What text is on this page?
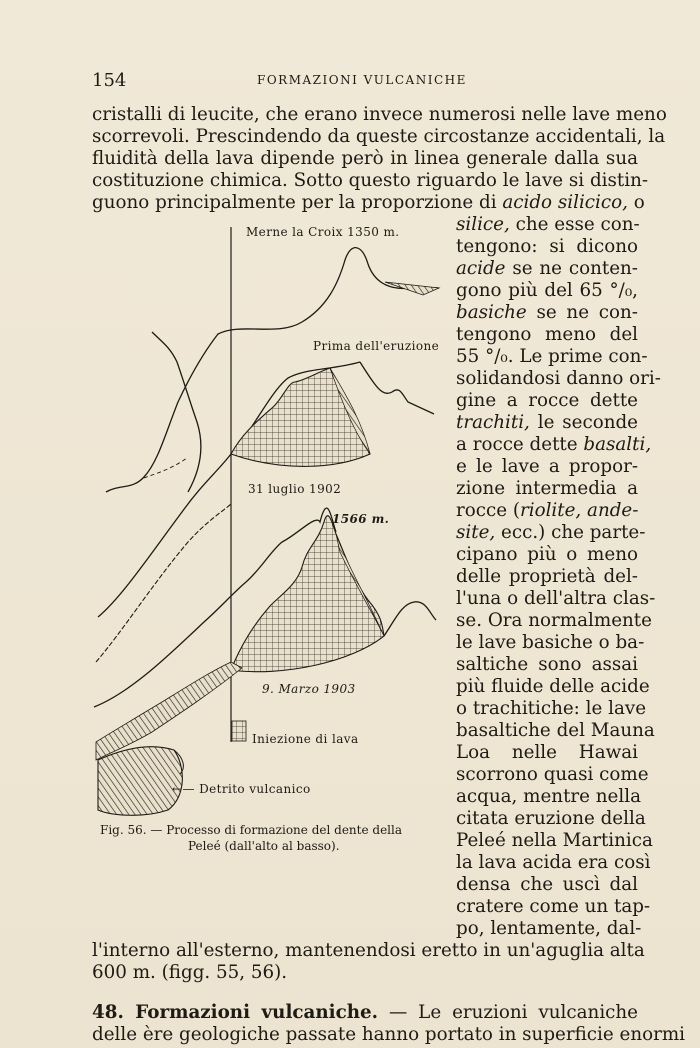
154	FORMAZIONI VULCANICHE
cristalli di leucite, che erano invece numerosi nelle lave meno
scorrevoli. Prescindendo da queste circostanze accidentali, la
fluidità della lava dipende però in linea generale dalla sua
costituzione chimica. Sotto questo riguardo le lave si distin-
guono principalmente per la proporzione di acido silicico, o
silice, che esse con-
tengono: si dicono
acide se ne conten-
gono più del 65 °/₀,
basiche se ne con-
tengono meno del
55 °/₀. Le prime con-
solidandosi danno ori-
gine a rocce dette
trachiti, le seconde
a rocce dette basalti,
e le lave a propor-
zione intermedia a
rocce (riolite, ande-
site, ecc.) che parte-
cipano più o meno
delle proprietà del-
l'una o dell'altra clas-
se. Ora normalmente
le lave basiche o ba-
saltiche sono assai
più fluide delle acide
o trachitiche: le lave
basaltiche del Mauna
Loa nelle Hawai
scorrono quasi come
acqua, mentre nella
citata eruzione della
Peleé nella Martinica
la lava acida era così
densa che uscì dal
cratere come un tap-
po, lentamente, dal-
l'interno all'esterno, mantenendosi eretto in un'aguglia alta
600 m. (figg. 55, 56).
48. Formazioni vulcaniche. — Le eruzioni vulcaniche
delle ère geologiche passate hanno portato in superficie enormi
Merne la Croix 1350 m.
Prima dell'eruzione
31 luglio 1902
1566 m.
9. Marzo 1903
Iniezione di lava
←— Detrito vulcanico
Fig. 56. — Processo di formazione del dente della
Peleé (dall'alto al basso).
